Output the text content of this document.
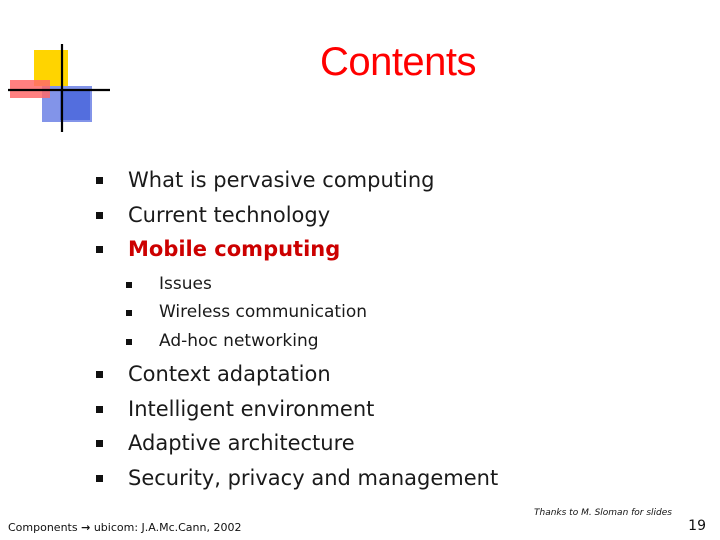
Contents
What is pervasive computing
Current technology
Mobile computing
Issues
Wireless communication
Ad-hoc networking
Context adaptation
Intelligent environment
Adaptive architecture
Security, privacy and management
Thanks to M. Sloman for slides
Components → ubicom: J.A.Mc.Cann, 2002	19
